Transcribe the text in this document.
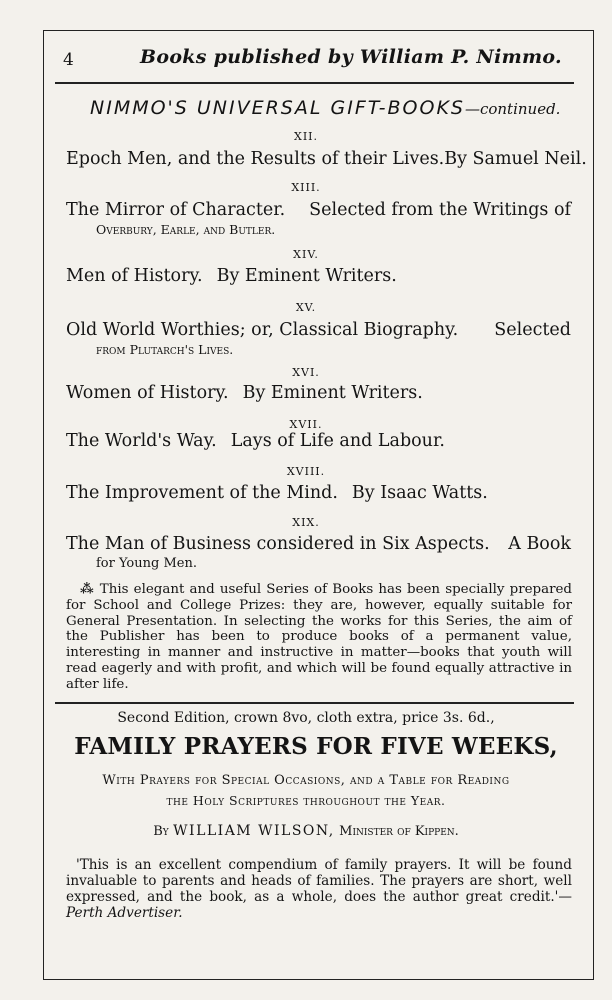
4	Books published by William P. Nimmo.
NIMMO'S UNIVERSAL GIFT-BOOKS—continued.
XII.
Epoch Men, and the Results of their Lives. By Samuel Neil.
XIII.
The Mirror of Character. Selected from the Writings of
Overbury, Earle, and Butler.
XIV.
Men of History. By Eminent Writers.
XV.
Old World Worthies; or, Classical Biography. Selected
from Plutarch's Lives.
XVI.
Women of History. By Eminent Writers.
XVII.
The World's Way. Lays of Life and Labour.
XVIII.
The Improvement of the Mind. By Isaac Watts.
XIX.
The Man of Business considered in Six Aspects. A Book
for Young Men.

⁂ This elegant and useful Series of Books has been specially prepared for School and College Prizes: they are, however, equally suitable for General Presentation. In selecting the works for this Series, the aim of the Publisher has been to produce books of a permanent value, interesting in manner and instructive in matter—books that youth will read eagerly and with profit, and which will be found equally attractive in after life.

Second Edition, crown 8vo, cloth extra, price 3s. 6d.,
FAMILY PRAYERS FOR FIVE WEEKS,
With Prayers for Special Occasions, and a Table for Reading
the Holy Scriptures throughout the Year.
By WILLIAM WILSON, Minister of Kippen.

'This is an excellent compendium of family prayers. It will be found invaluable to parents and heads of families. The prayers are short, well expressed, and the book, as a whole, does the author great credit.'—Perth Advertiser.
